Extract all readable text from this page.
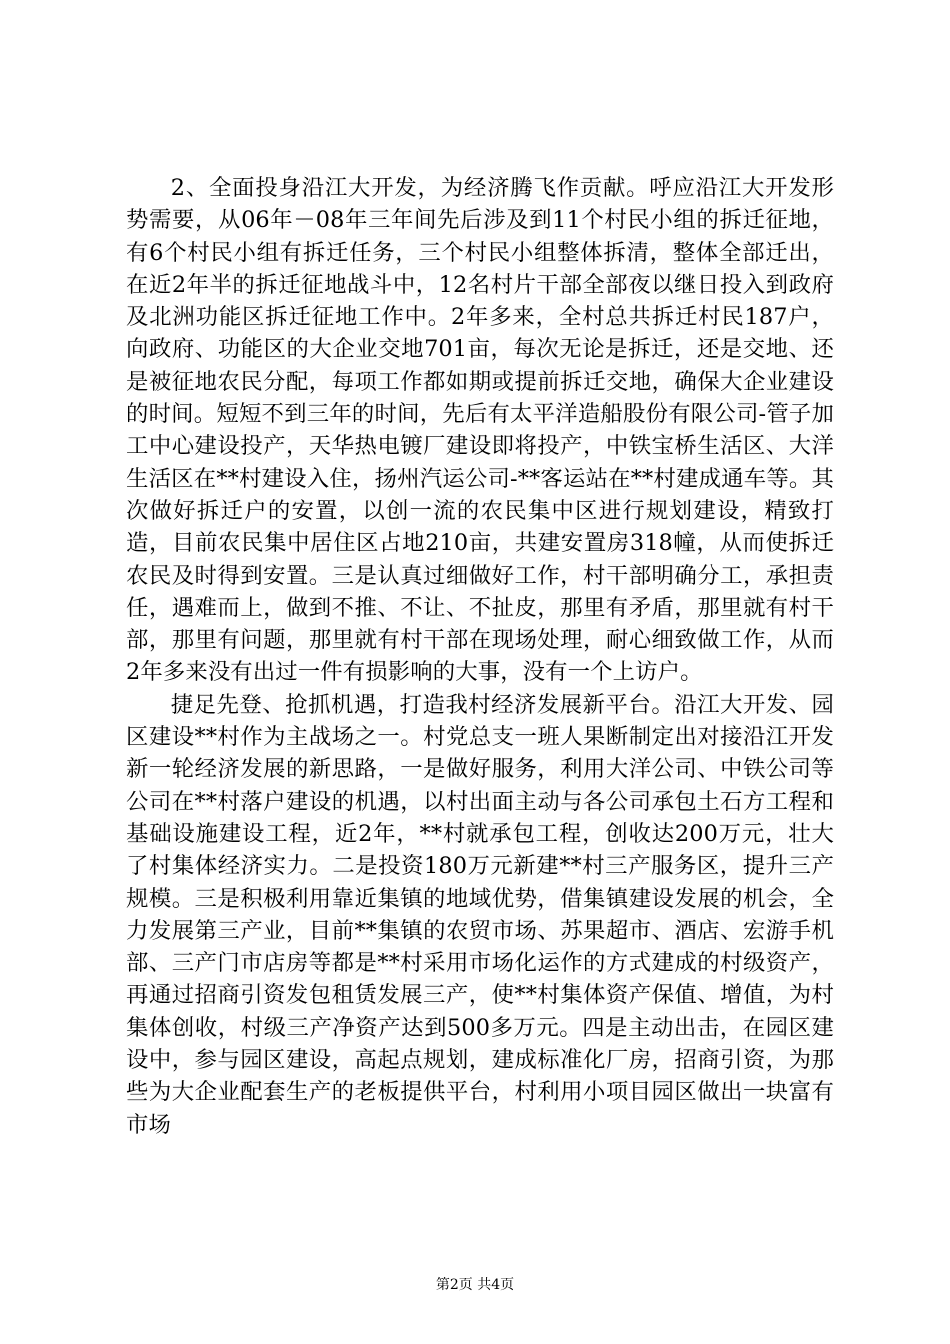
2、全面投身沿江大开发，为经济腾飞作贡献。呼应沿江大开发形势需要，从06年－08年三年间先后涉及到11个村民小组的拆迁征地，有6个村民小组有拆迁任务，三个村民小组整体拆清，整体全部迁出，在近2年半的拆迁征地战斗中，12名村片干部全部夜以继日投入到政府及北洲功能区拆迁征地工作中。2年多来，全村总共拆迁村民187户，向政府、功能区的大企业交地701亩，每次无论是拆迁，还是交地、还是被征地农民分配，每项工作都如期或提前拆迁交地，确保大企业建设的时间。短短不到三年的时间，先后有太平洋造船股份有限公司-管子加工中心建设投产，天华热电镀厂建设即将投产，中铁宝桥生活区、大洋生活区在**村建设入住，扬州汽运公司-**客运站在**村建成通车等。其次做好拆迁户的安置，以创一流的农民集中区进行规划建设，精致打造，目前农民集中居住区占地210亩，共建安置房318幢，从而使拆迁农民及时得到安置。三是认真过细做好工作，村干部明确分工，承担责任，遇难而上，做到不推、不让、不扯皮，那里有矛盾，那里就有村干部，那里有问题，那里就有村干部在现场处理，耐心细致做工作，从而2年多来没有出过一件有损影响的大事，没有一个上访户。

捷足先登、抢抓机遇，打造我村经济发展新平台。沿江大开发、园区建设**村作为主战场之一。村党总支一班人果断制定出对接沿江开发新一轮经济发展的新思路，一是做好服务，利用大洋公司、中铁公司等公司在**村落户建设的机遇，以村出面主动与各公司承包土石方工程和基础设施建设工程，近2年，**村就承包工程，创收达200万元，壮大了村集体经济实力。二是投资180万元新建**村三产服务区，提升三产规模。三是积极利用靠近集镇的地域优势，借集镇建设发展的机会，全力发展第三产业，目前**集镇的农贸市场、苏果超市、酒店、宏游手机部、三产门市店房等都是**村采用市场化运作的方式建成的村级资产，再通过招商引资发包租赁发展三产，使**村集体资产保值、增值，为村集体创收，村级三产净资产达到500多万元。四是主动出击，在园区建设中，参与园区建设，高起点规划，建成标准化厂房，招商引资，为那些为大企业配套生产的老板提供平台，村利用小项目园区做出一块富有市场

第2页 共4页
